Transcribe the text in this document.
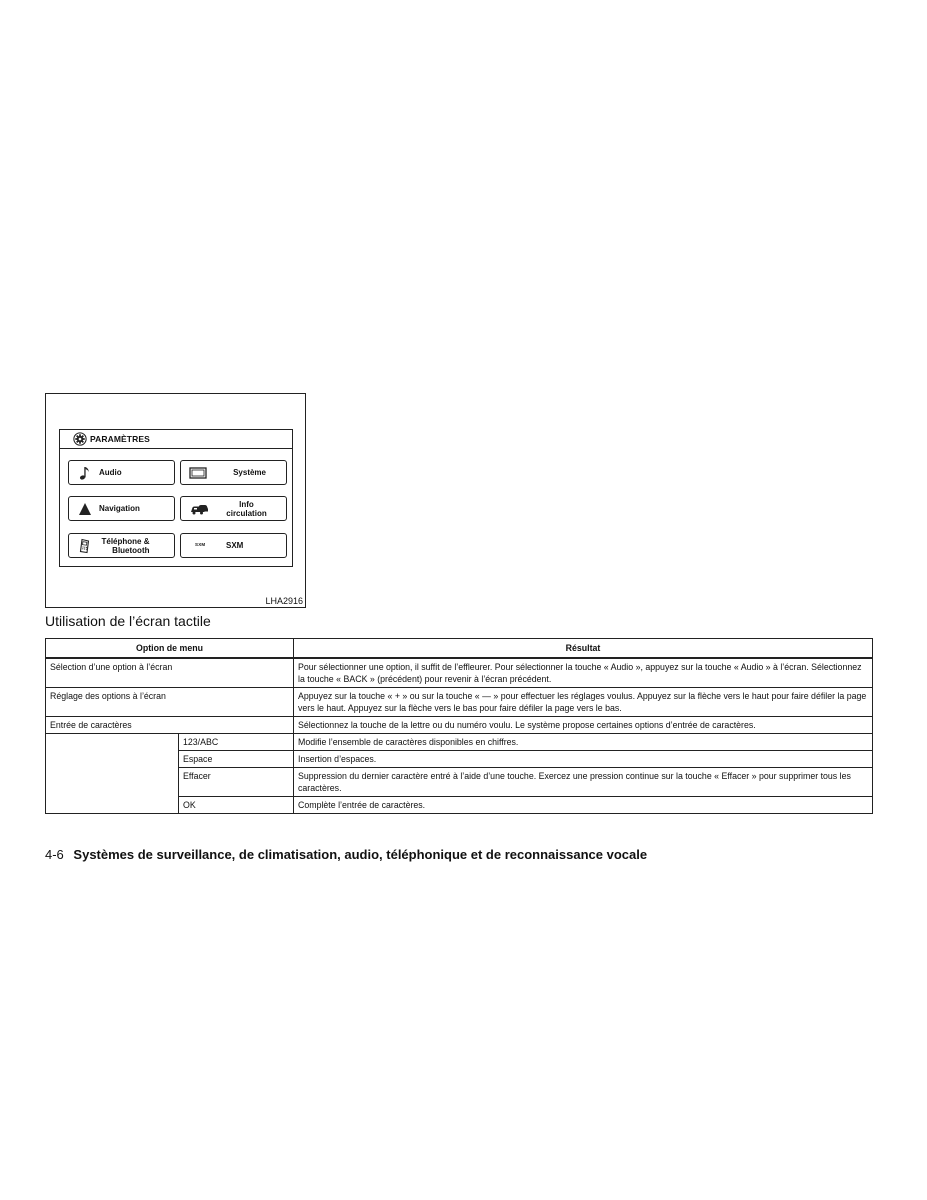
PARAMÈTRES
Audio	Système
Navigation	Info
circulation
Téléphone &
Bluetooth
SXM	SXM
LHA2916
Utilisation de l’écran tactile
Option de menu		Résultat
Sélection d’une option à l’écran		Pour sélectionner une option, il suffit de l’effleurer. Pour sélectionner la touche « Audio », appuyez sur la touche « Audio » à l’écran. Sélectionnez la touche « BACK » (précédent) pour revenir à l’écran précédent.
Réglage des options à l’écran		Appuyez sur la touche « + » ou sur la touche « — » pour effectuer les réglages voulus. Appuyez sur la flèche vers le haut pour faire défiler la page vers le haut. Appuyez sur la flèche vers le bas pour faire défiler la page vers le bas.
Entrée de caractères		Sélectionnez la touche de la lettre ou du numéro voulu. Le système propose certaines options d’entrée de caractères.
	123/ABC	Modifie l’ensemble de caractères disponibles en chiffres.
	Espace	Insertion d’espaces.
	Effacer	Suppression du dernier caractère entré à l’aide d’une touche. Exercez une pression continue sur la touche « Effacer » pour supprimer tous les caractères.
	OK	Complète l’entrée de caractères.
4-6 Systèmes de surveillance, de climatisation, audio, téléphonique et de reconnaissance vocale
